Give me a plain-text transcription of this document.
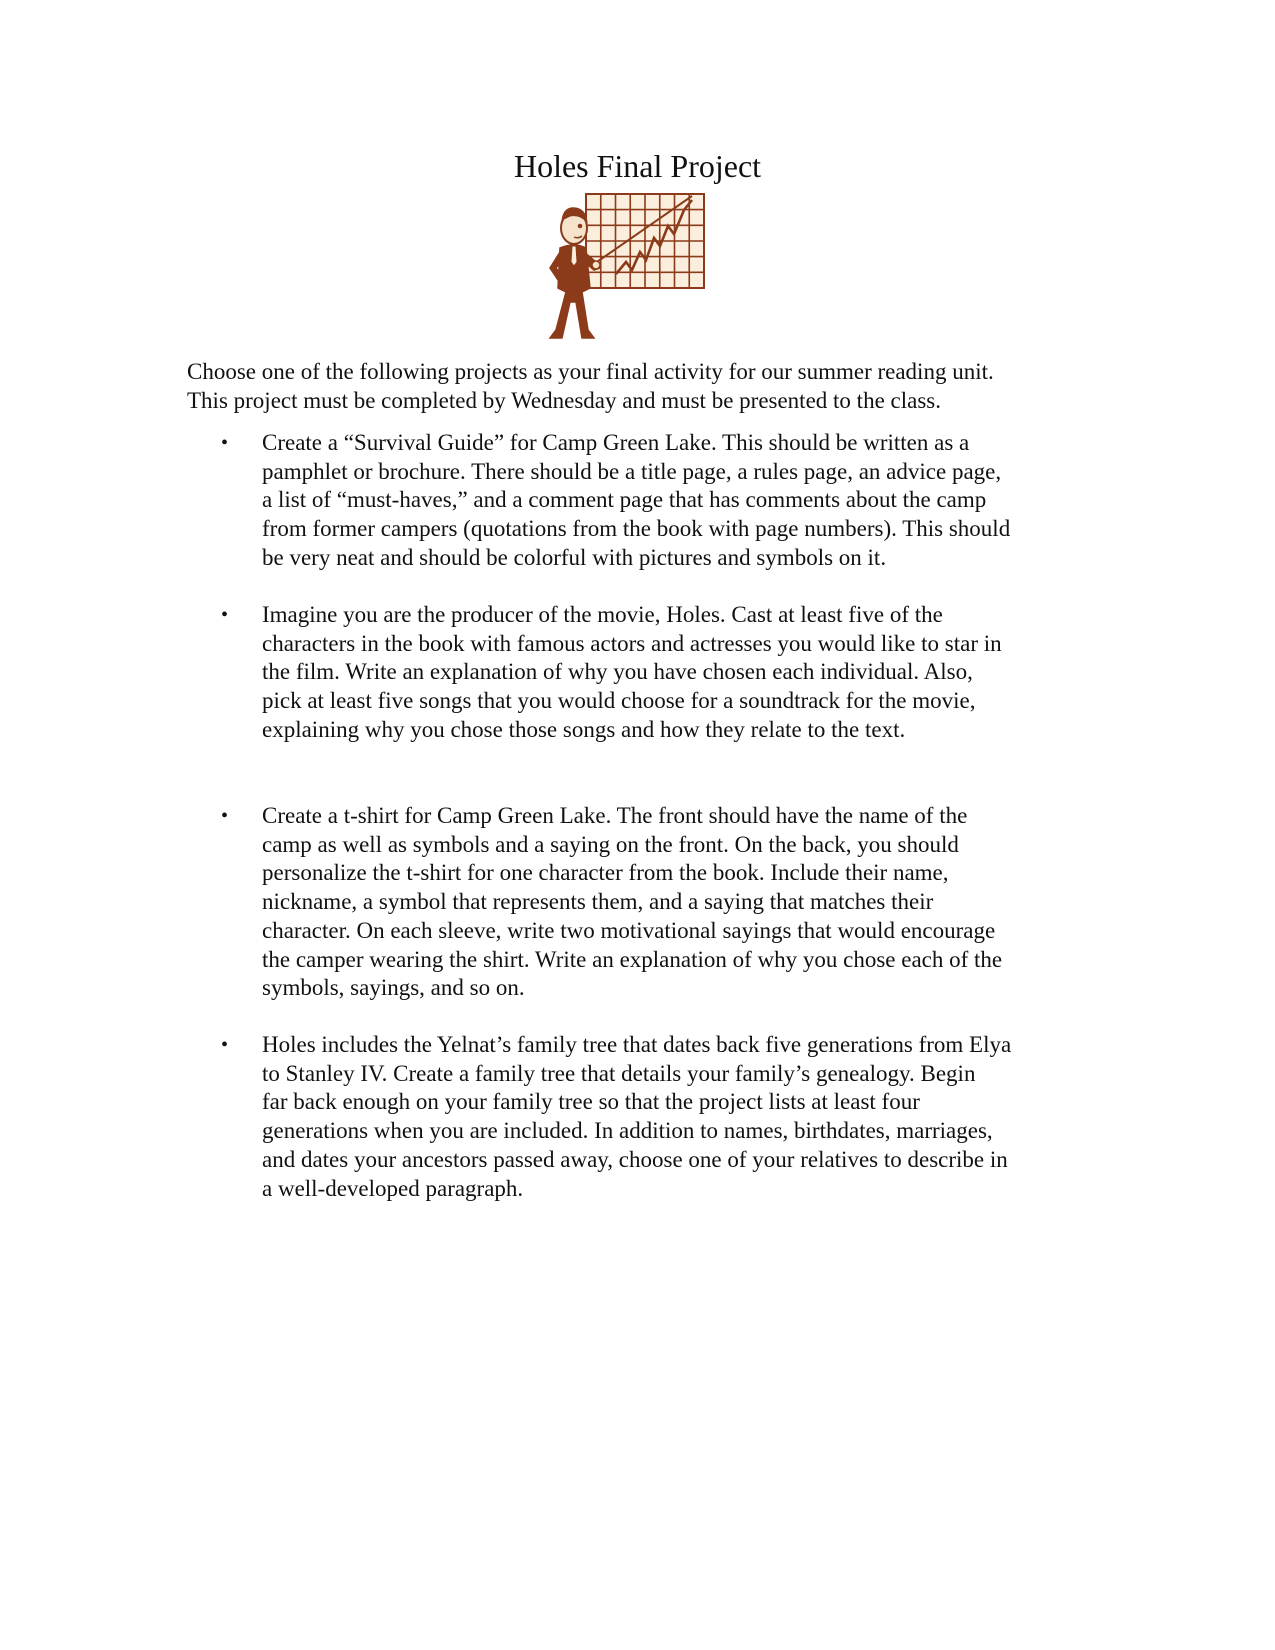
Holes Final Project

Choose one of the following projects as your final activity for our summer reading unit.

This project must be completed by Wednesday and must be presented to the class.

• Create a “Survival Guide” for Camp Green Lake. This should be written as a
pamphlet or brochure. There should be a title page, a rules page, an advice page,
a list of “must-haves,” and a comment page that has comments about the camp
from former campers (quotations from the book with page numbers). This should
be very neat and should be colorful with pictures and symbols on it.
• Imagine you are the producer of the movie, Holes. Cast at least five of the
characters in the book with famous actors and actresses you would like to star in
the film. Write an explanation of why you have chosen each individual. Also,
pick at least five songs that you would choose for a soundtrack for the movie,
explaining why you chose those songs and how they relate to the text.
• Create a t-shirt for Camp Green Lake. The front should have the name of the
camp as well as symbols and a saying on the front. On the back, you should
personalize the t-shirt for one character from the book. Include their name,
nickname, a symbol that represents them, and a saying that matches their
character. On each sleeve, write two motivational sayings that would encourage
the camper wearing the shirt. Write an explanation of why you chose each of the
symbols, sayings, and so on.
• Holes includes the Yelnat’s family tree that dates back five generations from Elya
to Stanley IV. Create a family tree that details your family’s genealogy. Begin
far back enough on your family tree so that the project lists at least four
generations when you are included. In addition to names, birthdates, marriages,
and dates your ancestors passed away, choose one of your relatives to describe in
a well-developed paragraph.
